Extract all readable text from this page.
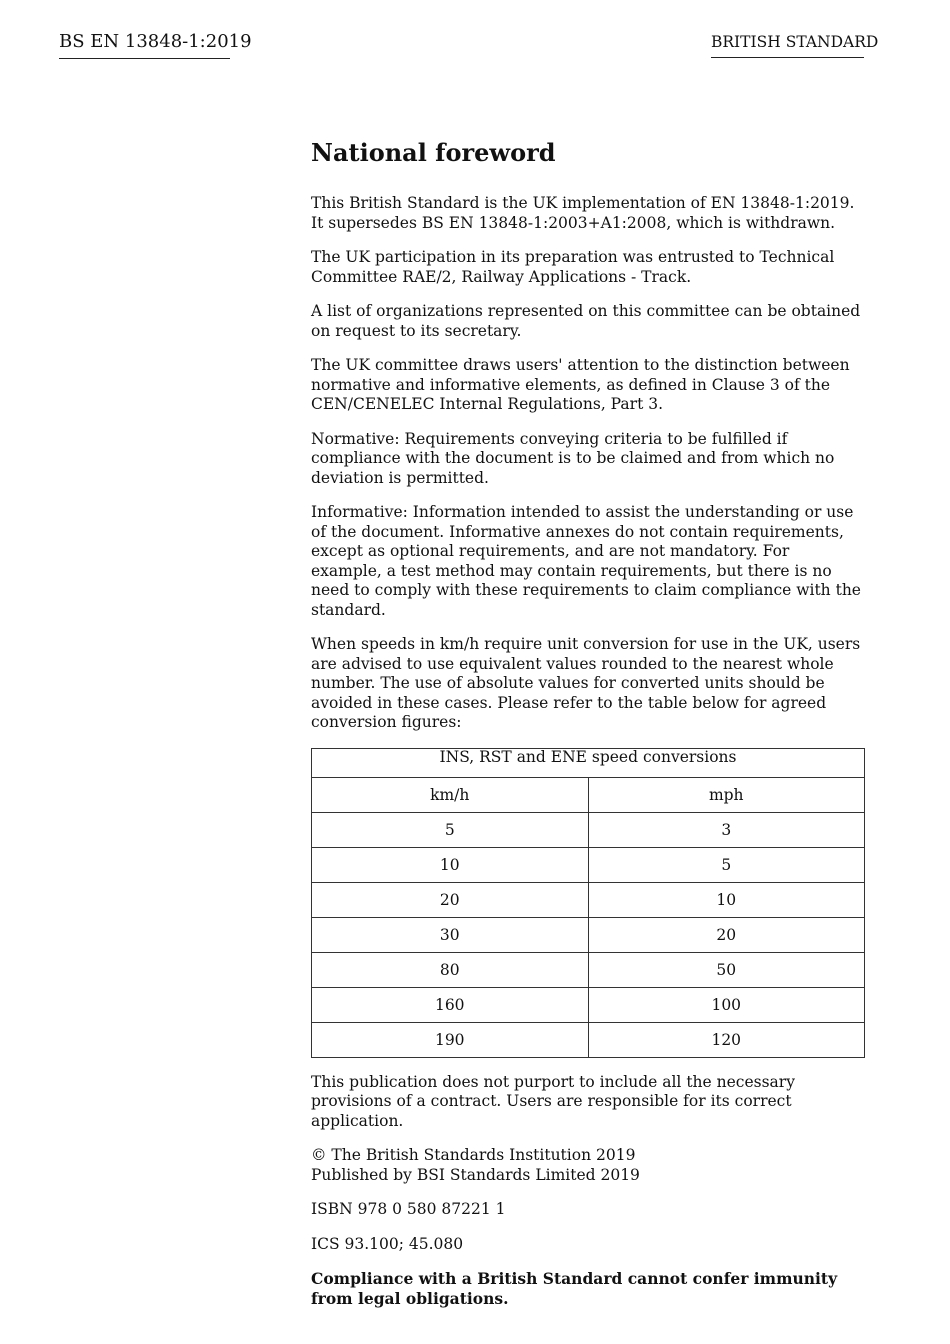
BS EN 13848-1:2019	BRITISH STANDARD
National foreword

This British Standard is the UK implementation of EN 13848-1:2019. It supersedes BS EN 13848-1:2003+A1:2008, which is withdrawn.

The UK participation in its preparation was entrusted to Technical Committee RAE/2, Railway Applications - Track.

A list of organizations represented on this committee can be obtained on request to its secretary.

The UK committee draws users' attention to the distinction between normative and informative elements, as defined in Clause 3 of the CEN/CENELEC Internal Regulations, Part 3.

Normative: Requirements conveying criteria to be fulfilled if compliance with the document is to be claimed and from which no deviation is permitted.

Informative: Information intended to assist the understanding or use of the document. Informative annexes do not contain requirements, except as optional requirements, and are not mandatory. For example, a test method may contain requirements, but there is no need to comply with these requirements to claim compliance with the standard.

When speeds in km/h require unit conversion for use in the UK, users are advised to use equivalent values rounded to the nearest whole number. The use of absolute values for converted units should be avoided in these cases. Please refer to the table below for agreed conversion figures:

INS, RST and ENE speed conversions	
km/h	mph
5	3
10	5
20	10
30	20
80	50
160	100
190	120

This publication does not purport to include all the necessary provisions of a contract. Users are responsible for its correct application.

© The British Standards Institution 2019
Published by BSI Standards Limited 2019

ISBN 978 0 580 87221 1

ICS 93.100; 45.080

Compliance with a British Standard cannot confer immunity from legal obligations.
